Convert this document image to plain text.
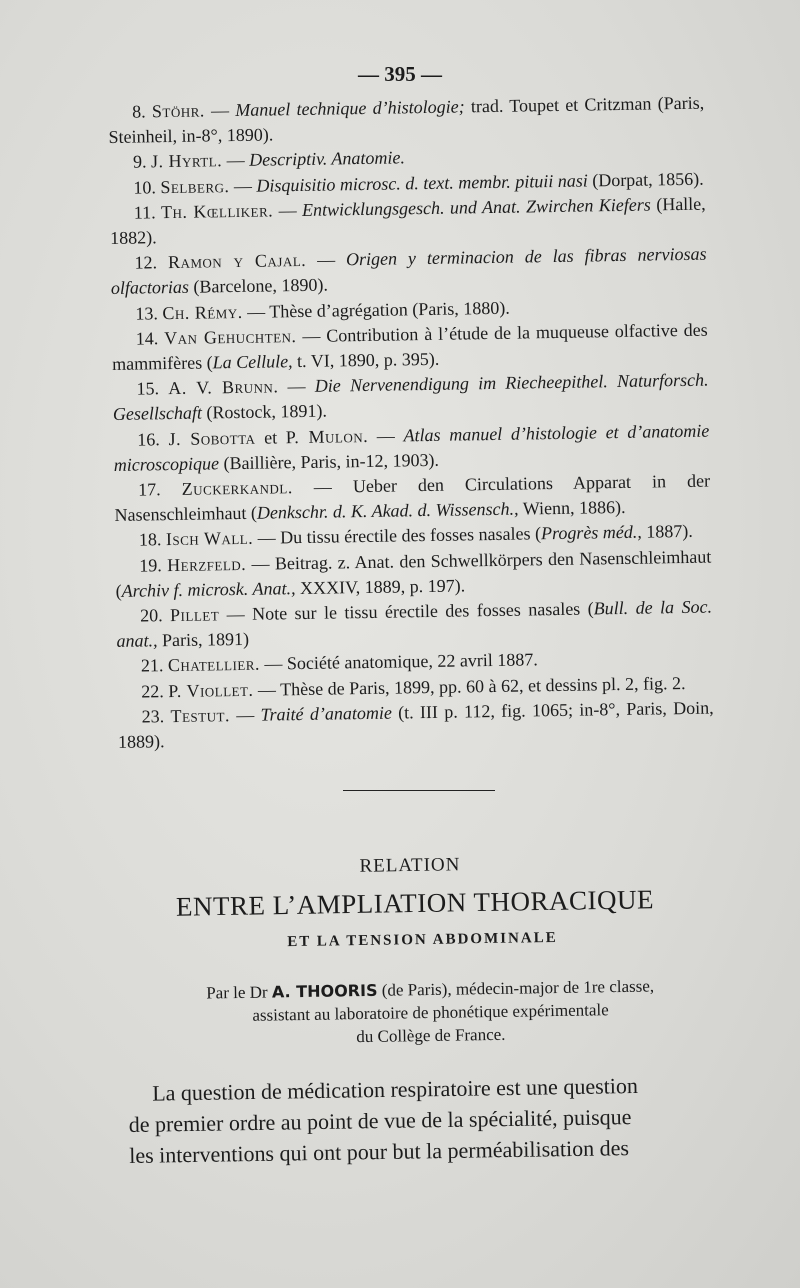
— 395 —
8. Stöhr. — Manuel technique d’histologie; trad. Toupet et Critzman (Paris, Steinheil, in-8°, 1890).
9. J. Hyrtl. — Descriptiv. Anatomie.
10. Selberg. — Disquisitio microsc. d. text. membr. pituii nasi (Dorpat, 1856).
11. Th. Kœlliker. — Entwicklungsgesch. und Anat. Zwirchen Kiefers (Halle, 1882).
12. Ramon y Cajal. — Origen y terminacion de las fibras nerviosas olfactorias (Barcelone, 1890).
13. Ch. Rémy. — Thèse d’agrégation (Paris, 1880).
14. Van Gehuchten. — Contribution à l’étude de la muqueuse olfactive des mammifères (La Cellule, t. VI, 1890, p. 395).
15. A. V. Brunn. — Die Nervenendigung im Riecheepithel. Naturforsch. Gesellschaft (Rostock, 1891).
16. J. Sobotta et P. Mulon. — Atlas manuel d’histologie et d’anatomie microscopique (Baillière, Paris, in-12, 1903).
17. Zuckerkandl. — Ueber den Circulations Apparat in der Nasenschleimhaut (Denkschr. d. K. Akad. d. Wissensch., Wienn, 1886).
18. Isch Wall. — Du tissu érectile des fosses nasales (Progrès méd., 1887).
19. Herzfeld. — Beitrag. z. Anat. den Schwellkörpers den Nasenschleimhaut (Archiv f. microsk. Anat., XXXIV, 1889, p. 197).
20. Pillet — Note sur le tissu érectile des fosses nasales (Bull. de la Soc. anat., Paris, 1891)
21. Chatellier. — Société anatomique, 22 avril 1887.
22. P. Viollet. — Thèse de Paris, 1899, pp. 60 à 62, et dessins pl. 2, fig. 2.
23. Testut. — Traité d’anatomie (t. III p. 112, fig. 1065; in-8°, Paris, Doin, 1889).
RELATION
ENTRE L’AMPLIATION THORACIQUE
ET LA TENSION ABDOMINALE
Par le Dr A. THOORIS (de Paris), médecin-major de 1re classe,
assistant au laboratoire de phonétique expérimentale
du Collège de France.
La question de médication respiratoire est une question
de premier ordre au point de vue de la spécialité, puisque
les interventions qui ont pour but la perméabilisation des
